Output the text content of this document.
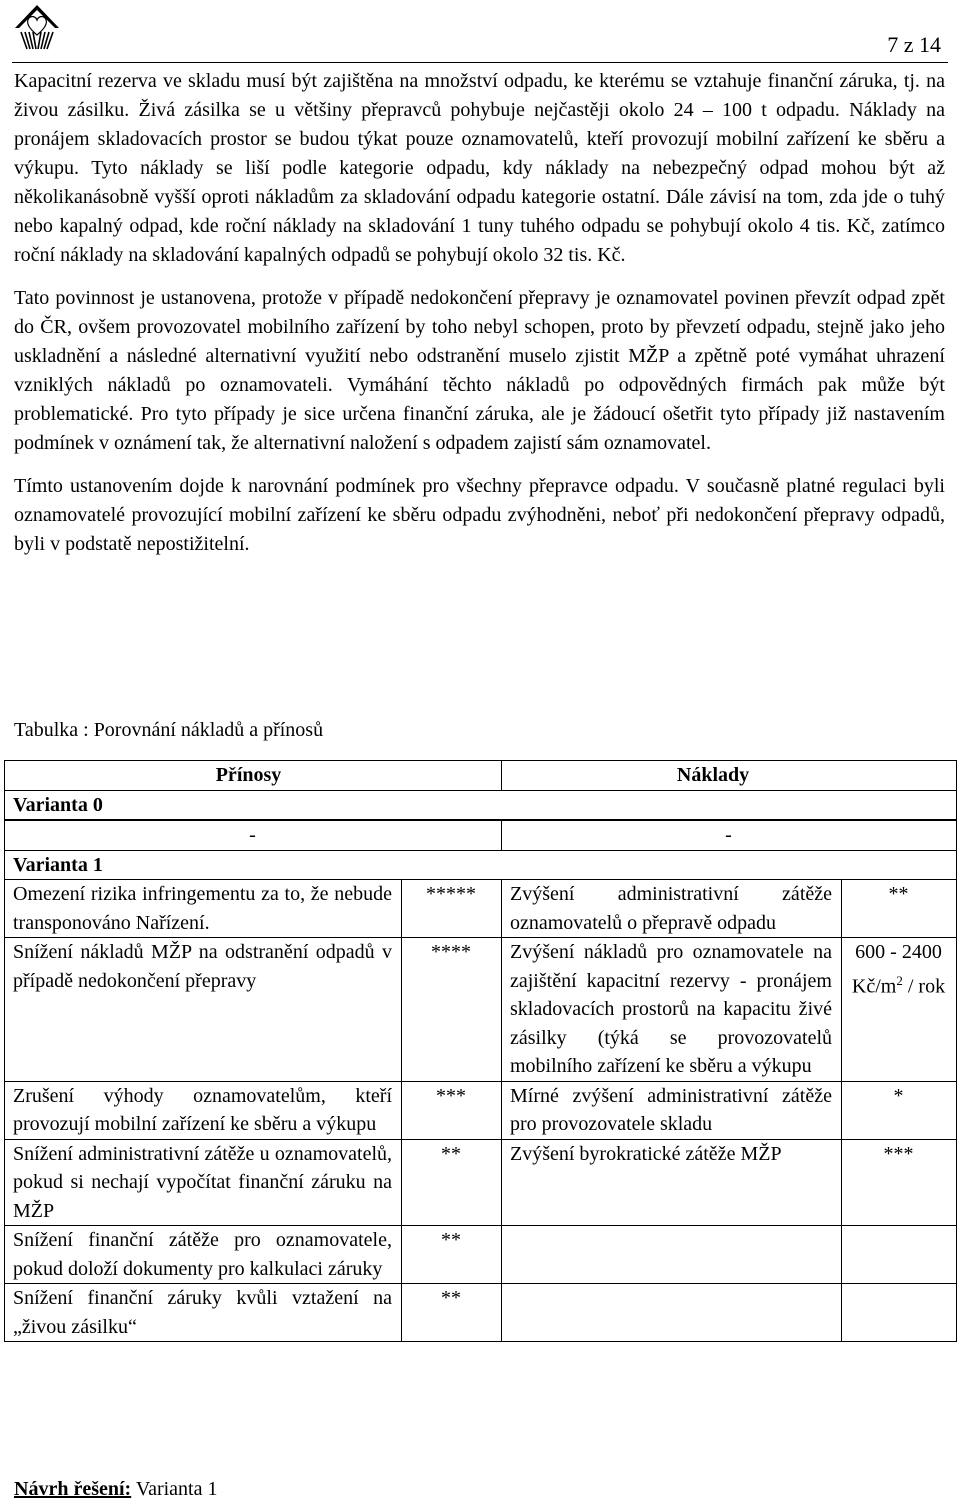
7 z 14

Kapacitní rezerva ve skladu musí být zajištěna na množství odpadu, ke kterému se vztahuje finanční záruka, tj. na živou zásilku. Živá zásilka se u většiny přepravců pohybuje nejčastěji okolo 24 – 100 t odpadu. Náklady na pronájem skladovacích prostor se budou týkat pouze oznamovatelů, kteří provozují mobilní zařízení ke sběru a výkupu. Tyto náklady se liší podle kategorie odpadu, kdy náklady na nebezpečný odpad mohou být až několikanásobně vyšší oproti nákladům za skladování odpadu kategorie ostatní. Dále závisí na tom, zda jde o tuhý nebo kapalný odpad, kde roční náklady na skladování 1 tuny tuhého odpadu se pohybují okolo 4 tis. Kč, zatímco roční náklady na skladování kapalných odpadů se pohybují okolo 32 tis. Kč.

Tato povinnost je ustanovena, protože v případě nedokončení přepravy je oznamovatel povinen převzít odpad zpět do ČR, ovšem provozovatel mobilního zařízení by toho nebyl schopen, proto by převzetí odpadu, stejně jako jeho uskladnění a následné alternativní využití nebo odstranění muselo zjistit MŽP a zpětně poté vymáhat uhrazení vzniklých nákladů po oznamovateli. Vymáhání těchto nákladů po odpovědných firmách pak může být problematické. Pro tyto případy je sice určena finanční záruka, ale je žádoucí ošetřit tyto případy již nastavením podmínek v oznámení tak, že alternativní naložení s odpadem zajistí sám oznamovatel.

Tímto ustanovením dojde k narovnání podmínek pro všechny přepravce odpadu. V současně platné regulaci byli oznamovatelé provozující mobilní zařízení ke sběru odpadu zvýhodněni, neboť při nedokončení přepravy odpadů, byli v podstatě nepostižitelní.

Tabulka : Porovnání nákladů a přínosů
Přínosy		Náklady	
Varianta 0			

-		-	
Varianta 1			
Omezení rizika infringementu za to, že nebude transponováno Nařízení.	*****	Zvýšení administrativní zátěže oznamovatelů o přepravě odpadu	**
Snížení nákladů MŽP na odstranění odpadů v případě nedokončení přepravy	****	Zvýšení nákladů pro oznamovatele na zajištění kapacitní rezervy - pronájem skladovacích prostorů na kapacitu živé zásilky (týká se provozovatelů mobilního zařízení ke sběru a výkupu	600 - 2400 $Kč/m^2$ / rok
Zrušení výhody oznamovatelům, kteří provozují mobilní zařízení ke sběru a výkupu	***	Mírné zvýšení administrativní zátěže pro provozovatele skladu	*
Snížení administrativní zátěže u oznamovatelů, pokud si nechají vypočítat finanční záruku na MŽP	**	Zvýšení byrokratické zátěže MŽP	***
Snížení finanční zátěže pro oznamovatele, pokud doloží dokumenty pro kalkulaci záruky	**		
Snížení finanční záruky kvůli vztažení na „živou zásilku“	**		
Návrh řešení: Varianta 1
